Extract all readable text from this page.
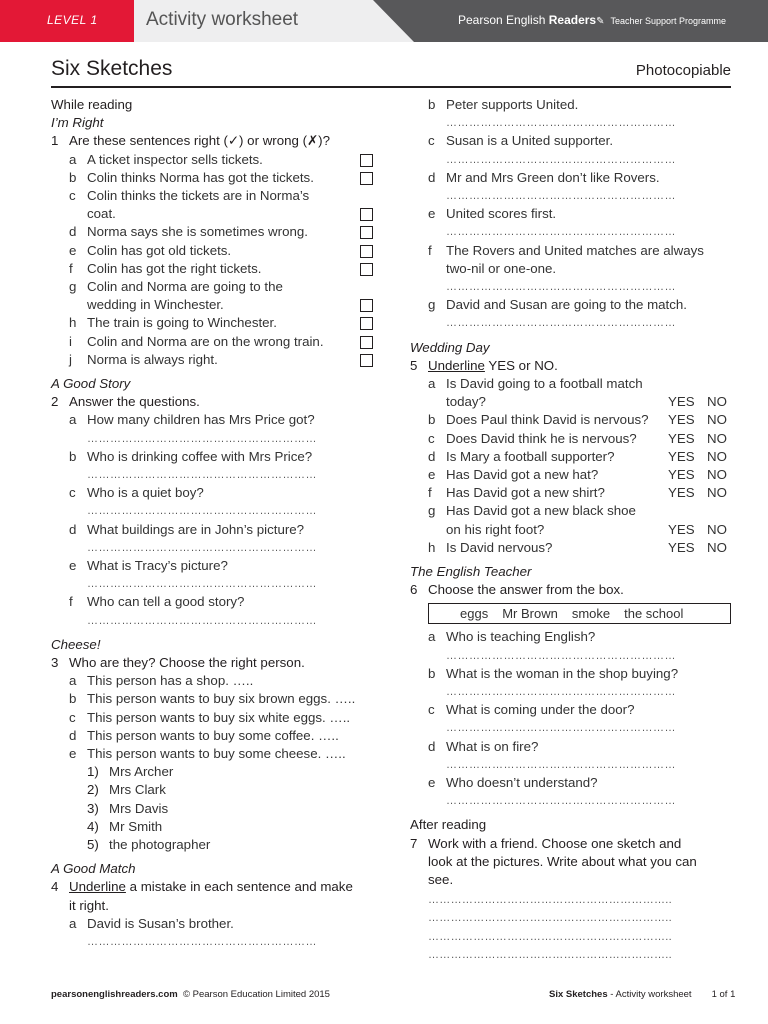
LEVEL 1	Activity worksheet	Pearson English Readers✎ Teacher Support Programme
Six Sketches	Photocopiable
While reading
I’m Right
1 Are these sentences right (✓) or wrong (✗)?
a A ticket inspector sells tickets.
b Colin thinks Norma has got the tickets.
c Colin thinks the tickets are in Norma’s
coat.
d Norma says she is sometimes wrong.
e Colin has got old tickets.
f Colin has got the right tickets.
g Colin and Norma are going to the
wedding in Winchester.
h The train is going to Winchester.
i Colin and Norma are on the wrong train.
j Norma is always right.
A Good Story
2 Answer the questions.
a How many children has Mrs Price got?
……………………………………………………
b Who is drinking coffee with Mrs Price?
……………………………………………………
c Who is a quiet boy?
……………………………………………………
d What buildings are in John’s picture?
……………………………………………………
e What is Tracy’s picture?
……………………………………………………
f Who can tell a good story?
……………………………………………………
Cheese!
3 Who are they? Choose the right person.
a This person has a shop. …..
b This person wants to buy six brown eggs. …..
c This person wants to buy six white eggs. …..
d This person wants to buy some coffee. …..
e This person wants to buy some cheese. …..
1) Mrs Archer
2) Mrs Clark
3) Mrs Davis
4) Mr Smith
5) the photographer
A Good Match
4 Underline a mistake in each sentence and make
it right.
a David is Susan’s brother.
……………………………………………………
b Peter supports United.
……………………………………………………
c Susan is a United supporter.
……………………………………………………
d Mr and Mrs Green don’t like Rovers.
……………………………………………………
e United scores first.
……………………………………………………
f The Rovers and United matches are always
two-nil or one-one.
……………………………………………………
g David and Susan are going to the match.
……………………………………………………
Wedding Day
5 Underline YES or NO.
a Is David going to a football match
today?	YES NO
b Does Paul think David is nervous? YES NO
c Does David think he is nervous? YES NO
d Is Mary a football supporter?	YES NO
e Has David got a new hat?	YES NO
f Has David got a new shirt?	YES NO
g Has David got a new black shoe
on his right foot?	YES NO
h Is David nervous?	YES NO
The English Teacher
6 Choose the answer from the box.
eggs Mr Brown smoke the school
a Who is teaching English?
……………………………………………………
b What is the woman in the shop buying?
……………………………………………………
c What is coming under the door?
……………………………………………………
d What is on fire?
……………………………………………………
e Who doesn’t understand?
……………………………………………………
After reading
7 Work with a friend. Choose one sketch and
look at the pictures. Write about what you can
see.
………………………………………………………..
………………………………………………………..
………………………………………………………..
………………………………………………………..
pearsonenglishreaders.com © Pearson Education Limited 2015	Six Sketches - Activity worksheet 1 of 1
